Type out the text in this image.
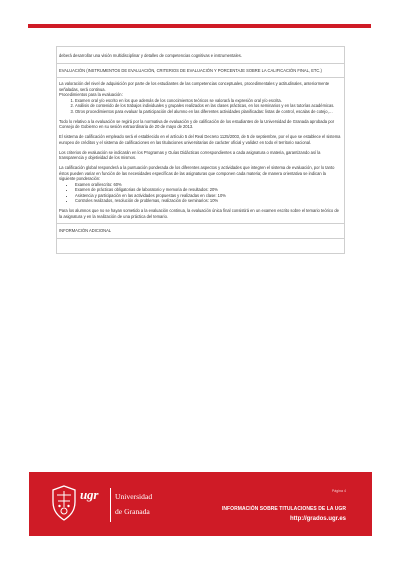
deberá desarrollar una visión multidisciplinar y detalles de competencias cognitivas e instrumentales.

EVALUACIÓN (INSTRUMENTOS DE EVALUACIÓN, CRITERIOS DE EVALUACIÓN Y PORCENTAJE SOBRE LA CALIFICACIÓN FINAL, ETC.)

La valoración del nivel de adquisición por parte de los estudiantes de las competencias conceptuales, procedimentales y actitudinales, anteriormente señaladas, será continua.

Procedimientos para la evaluación:

1. Examen oral y/o escrito en los que además de los conocimientos teóricos se valorará la expresión oral y/o escrita.
2. Análisis de contenido de los trabajos individuales y grupales realizados en las clases prácticas, en los seminarios y en las tutorías académicas.
3. Otros procedimientos para evaluar la participación del alumno en las diferentes actividades planificadas: listas de control, escalas de cotejo,…

Todo lo relativo a la evaluación se regirá por la normativa de evaluación y de calificación de los estudiantes de la Universidad de Granada aprobada por Consejo de Gobierno en su sesión extraordinaria de 20 de mayo de 2013.

El sistema de calificación empleado será el establecido en el artículo 5 del Real Decreto 1125/2003, de 5 de septiembre, por el que se establece el sistema europeo de créditos y el sistema de calificaciones en las titulaciones universitarias de carácter oficial y validez en todo el territorio nacional.

Los criterios de evaluación se indicarán en los Programas y Guías Didácticas correspondientes a cada asignatura o materia, garantizando así la transparencia y objetividad de los mismos.

La calificación global responderá a la puntuación ponderada de los diferentes aspectos y actividades que integren el sistema de evaluación, por lo tanto éstos pueden variar en función de las necesidades específicas de las asignaturas que componen cada materia; de manera orientativa se indican la siguiente ponderación:

• Examen oral/escrito: 60%
• Examen de prácticas obligatorias de laboratorio y memoria de resultados: 20%
• Asistencia y participación en las actividades propuestas y realizadas en clase: 10%
• Controles realizados, resolución de problemas, realización de seminarios: 10%

Para los alumnos que no se hayan sometido a la evaluación continua, la evaluación única final consistirá en un examen escrito sobre el temario teórico de la asignatura y en la realización de una práctica del temario.

INFORMACIÓN ADICIONAL

Página 4
ugr Universidad
de Granada	INFORMACIÓN SOBRE TITULACIONES DE LA UGR
http://grados.ugr.es
